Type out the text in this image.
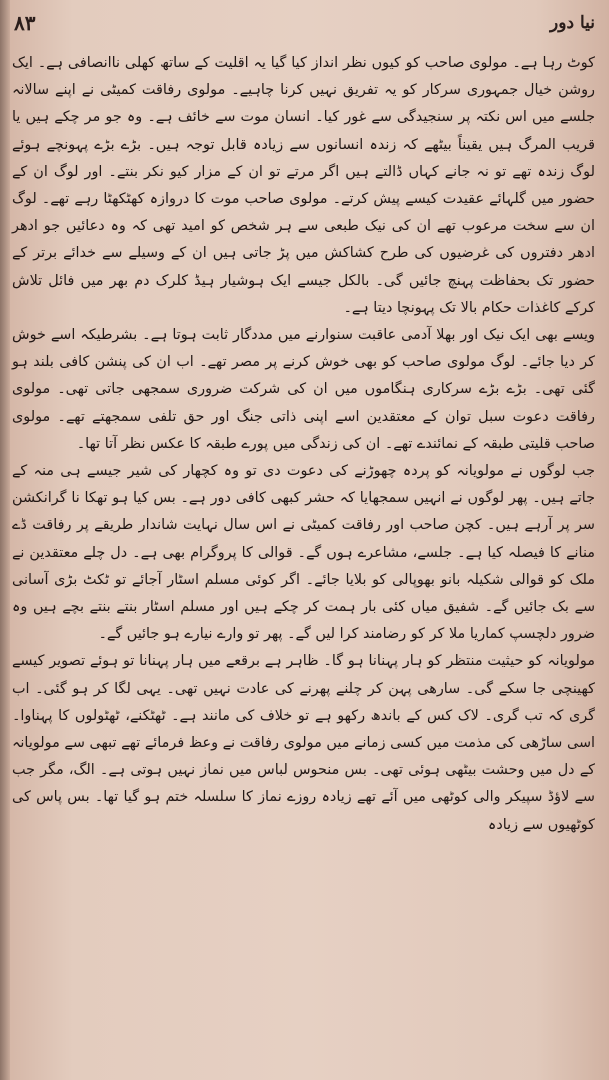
نیا دور
۸۳

کوٹ رہا ہے۔ مولوی صاحب کو کیوں نظر انداز کیا گیا یہ اقلیت کے ساتھ کھلی ناانصافی ہے۔ ایک روشن خیال جمہوری سرکار کو یہ تفریق نہیں کرنا چاہیے۔ مولوی رفاقت کمیٹی نے اپنے سالانہ جلسے میں اس نکتہ پر سنجیدگی سے غور کیا۔ انسان موت سے خائف ہے۔ وہ جو مر چکے ہیں یا قریب المرگ ہیں یقیناً بیٹھے کہ زندہ انسانوں سے زیادہ قابل توجہ ہیں۔ بڑے بڑے پہونچے ہوئے لوگ زندہ تھے تو نہ جانے کہاں ڈالتے ہیں اگر مرتے تو ان کے مزار کیو نکر بنتے۔ اور لوگ ان کے حضور میں گلہائے عقیدت کیسے پیش کرتے۔ مولوی صاحب موت کا دروازہ کھٹکھٹا رہے تھے۔ لوگ ان سے سخت مرعوب تھے ان کی نیک طبعی سے ہر شخص کو امید تھی کہ وہ دعائیں جو ادھر ادھر دفتروں کی غرضیوں کی طرح کشاکش میں پڑ جاتی ہیں ان کے وسیلے سے خدائے برتر کے حضور تک بحفاظت پہنچ جائیں گی۔ بالکل جیسے ایک ہوشیار ہیڈ کلرک دم بھر میں فائل تلاش کرکے کاغذات حکام بالا تک پہونچا دیتا ہے۔

ویسے بھی ایک نیک اور بھلا آدمی عاقبت سنوارنے میں مددگار ثابت ہوتا ہے۔ بشرطیکہ اسے خوش کر دیا جائے۔ لوگ مولوی صاحب کو بھی خوش کرنے پر مصر تھے۔ اب ان کی پنشن کافی بلند ہو گئی تھی۔ بڑے بڑے سرکاری ہنگاموں میں ان کی شرکت ضروری سمجھی جاتی تھی۔ مولوی رفاقت دعوت سبل توان کے معتقدین اسے اپنی ذاتی جنگ اور حق تلفی سمجھتے تھے۔ مولوی صاحب قلیتی طبقہ کے نمائندے تھے۔ ان کی زندگی میں پورے طبقہ کا عکس نظر آتا تھا۔

جب لوگوں نے مولویانہ کو پردہ چھوڑنے کی دعوت دی تو وہ کچھار کی شیر جیسے ہی منہ کے جاتے ہیں۔ پھر لوگوں نے انہیں سمجھایا کہ حشر کبھی کافی دور ہے۔ بس کیا ہو تھکا نا گرانکشن سر پر آرہے ہیں۔ کچن صاحب اور رفاقت کمیٹی نے اس سال نہایت شاندار طریقے پر رفاقت ڈے منانے کا فیصلہ کیا ہے۔ جلسے، مشاعرے ہوں گے۔ قوالی کا پروگرام بھی ہے۔ دل چلے معتقدین نے ملک کو قوالی شکیلہ بانو بھوپالی کو بلایا جائے۔ اگر کوئی مسلم اسٹار آجائے تو ٹکٹ بڑی آسانی سے بک جائیں گے۔ شفیق میاں کئی بار ہمت کر چکے ہیں اور مسلم اسٹار بنتے بنتے بچے ہیں وہ ضرور دلچسپ کماریا ملا کر کو رضامند کرا لیں گے۔ پھر تو وارے نیارے ہو جائیں گے۔

مولویانہ کو حیثیت منتظر کو ہار پہنانا ہو گا۔ ظاہر ہے برقعے میں ہار پہنانا تو ہوئے تصویر کیسے کھینچی جا سکے گی۔ سارھی پہن کر چلنے پھرنے کی عادت نہیں تھی۔ یہی لگا کر ہو گئی۔ اب گری کہ تب گری۔ لاک کس کے باندھ رکھو ہے تو خلاف کی مانند ہے۔ ٹھٹکنے، ٹھٹولوں کا پہناوا۔ اسی ساڑھی کی مذمت میں کسی زمانے میں مولوی رفاقت نے وعظ فرمائے تھے تبھی سے مولویانہ کے دل میں وحشت بیٹھی ہوئی تھی۔ بس منحوس لباس میں نماز نہیں ہوتی ہے۔ الگ، مگر جب سے لاؤڈ سپیکر والی کوٹھی میں آئے تھے زیادہ روزے نماز کا سلسلہ ختم ہو گیا تھا۔ بس پاس کی کوٹھیوں سے زیادہ
